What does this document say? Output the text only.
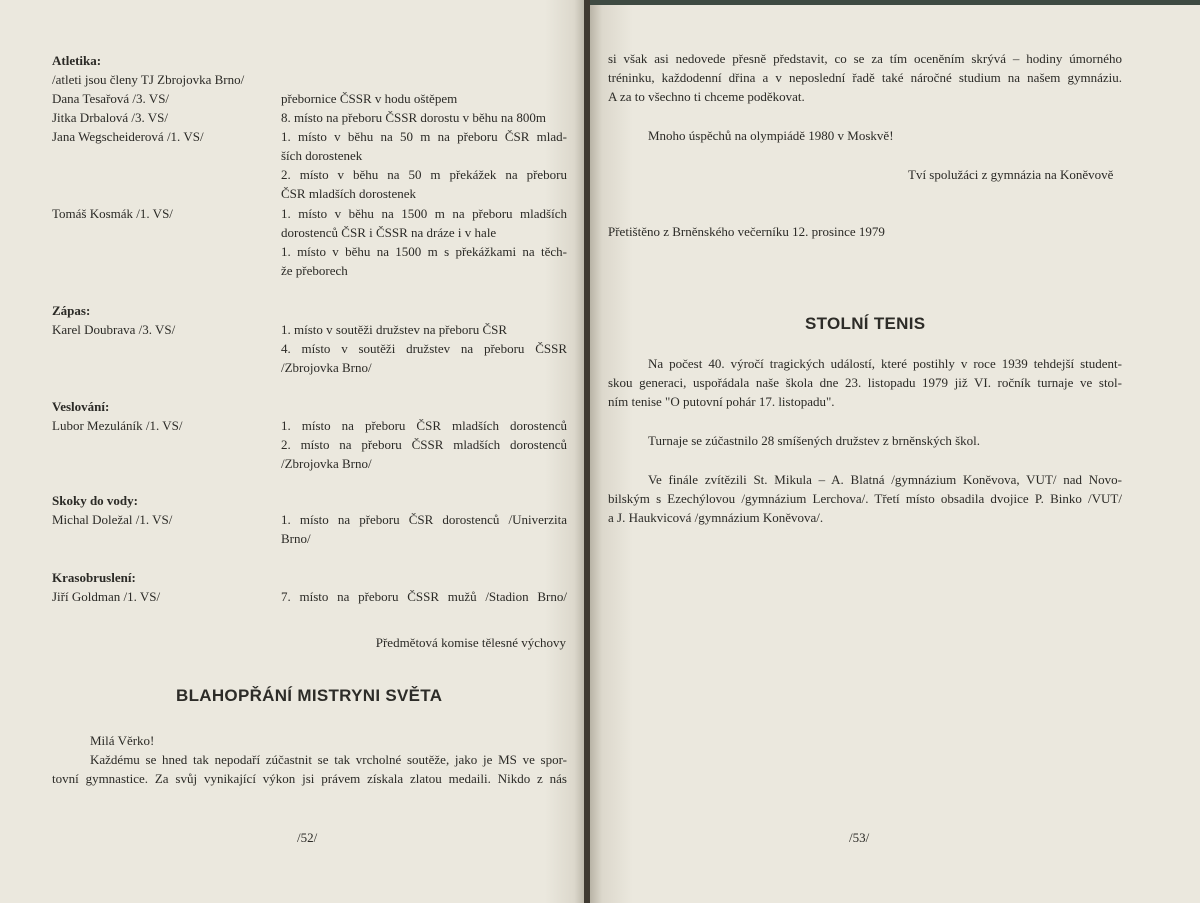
Atletika:
/atleti jsou členy TJ Zbrojovka Brno/
Dana Tesařová /3. VS/	přebornice ČSSR v hodu oštěpem
Jitka Drbalová /3. VS/	8. místo na přeboru ČSSR dorostu v běhu na 800m
Jana Wegscheiderová /1. VS/	1. místo v běhu na 50 m na přeboru ČSR mlad-
ších dorostenek
2. místo v běhu na 50 m překážek na přeboru
ČSR mladších dorostenek
Tomáš Kosmák /1. VS/	1. místo v běhu na 1500 m na přeboru mladších
dorostenců ČSR i ČSSR na dráze i v hale
1. místo v běhu na 1500 m s překážkami na těch-
že přeborech
Zápas:
Karel Doubrava /3. VS/	1. místo v soutěži družstev na přeboru ČSR
4. místo v soutěži družstev na přeboru ČSSR
/Zbrojovka Brno/
Veslování:
Lubor Mezuláník /1. VS/	1. místo na přeboru ČSR mladších dorostenců
2. místo na přeboru ČSSR mladších dorostenců
/Zbrojovka Brno/
Skoky do vody:
Michal Doležal /1. VS/	1. místo na přeboru ČSR dorostenců /Univerzita
Brno/
Krasobruslení:
Jiří Goldman /1. VS/	7. místo na přeboru ČSSR mužů /Stadion Brno/
Předmětová komise tělesné výchovy
BLAHOPŘÁNÍ MISTRYNI SVĚTA
Milá Věrko!
Každému se hned tak nepodaří zúčastnit se tak vrcholné soutěže, jako je MS ve spor-
tovní gymnastice. Za svůj vynikající výkon jsi právem získala zlatou medaili. Nikdo z nás
/52/
si však asi nedovede přesně představit, co se za tím oceněním skrývá – hodiny úmorného
tréninku, každodenní dřina a v neposlední řadě také náročné studium na našem gymnáziu.
A za to všechno ti chceme poděkovat.
Mnoho úspěchů na olympiádě 1980 v Moskvě!
Tví spolužáci z gymnázia na Koněvově
Přetištěno z Brněnského večerníku 12. prosince 1979
STOLNÍ TENIS
Na počest 40. výročí tragických událostí, které postihly v roce 1939 tehdejší student-
skou generaci, uspořádala naše škola dne 23. listopadu 1979 již VI. ročník turnaje ve stol-
ním tenise "O putovní pohár 17. listopadu".
Turnaje se zúčastnilo 28 smíšených družstev z brněnských škol.
Ve finále zvítězili St. Mikula – A. Blatná /gymnázium Koněvova, VUT/ nad Novo-
bilským s Ezechýlovou /gymnázium Lerchova/. Třetí místo obsadila dvojice P. Binko /VUT/
a J. Haukvicová /gymnázium Koněvova/.
/53/
